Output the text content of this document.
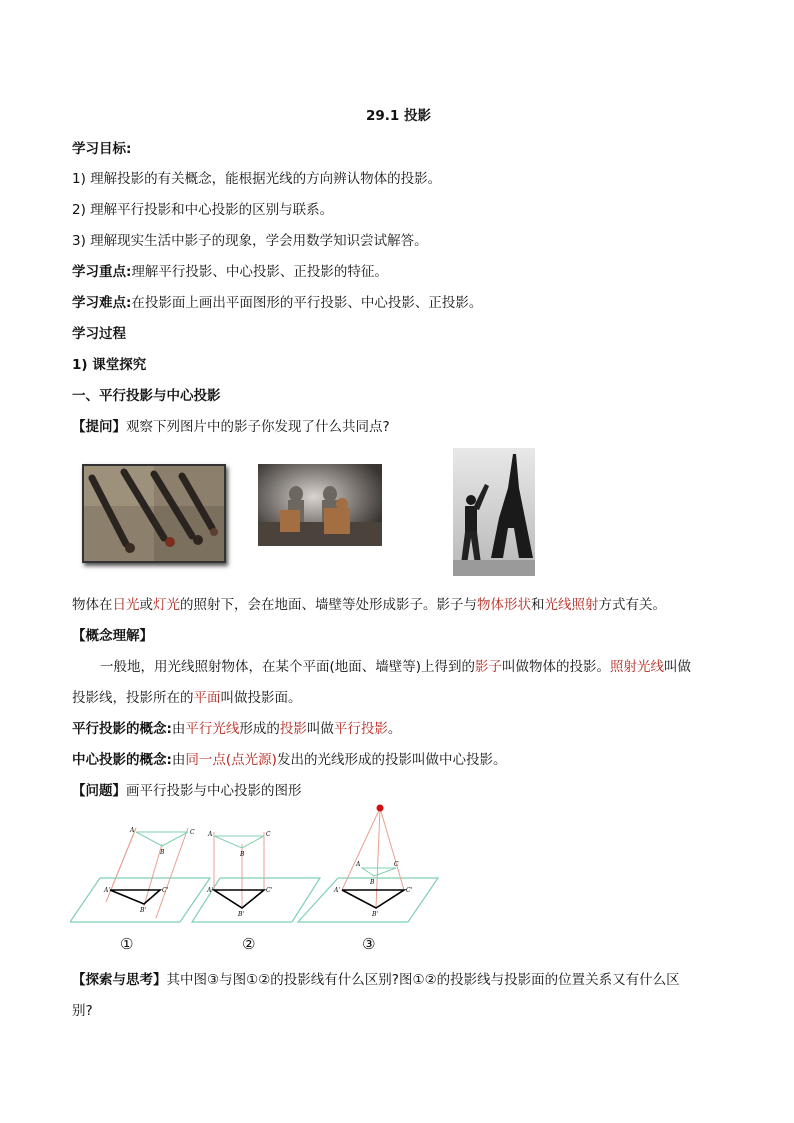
29.1 投影
学习目标:
1) 理解投影的有关概念，能根据光线的方向辨认物体的投影。
2) 理解平行投影和中心投影的区别与联系。
3) 理解现实生活中影子的现象，学会用数学知识尝试解答。
学习重点:理解平行投影、中心投影、正投影的特征。
学习难点:在投影面上画出平面图形的平行投影、中心投影、正投影。
学习过程
1) 课堂探究
一、平行投影与中心投影
【提问】观察下列图片中的影子你发现了什么共同点?
物体在日光或灯光的照射下，会在地面、墙壁等处形成影子。影子与物体形状和光线照射方式有关。
【概念理解】
一般地，用光线照射物体，在某个平面(地面、墙壁等)上得到的影子叫做物体的投影。照射光线叫做
投影线，投影所在的平面叫做投影面。
平行投影的概念:由平行光线形成的投影叫做平行投影。
中心投影的概念:由同一点(点光源)发出的光线形成的投影叫做中心投影。
【问题】画平行投影与中心投影的图形
A	C
B
A'	C'
B'
A	C
B
A'	C'
B'
A	C
B
A'	C'
B'
①	②	③
【探索与思考】其中图③与图①②的投影线有什么区别?图①②的投影线与投影面的位置关系又有什么区
别?
